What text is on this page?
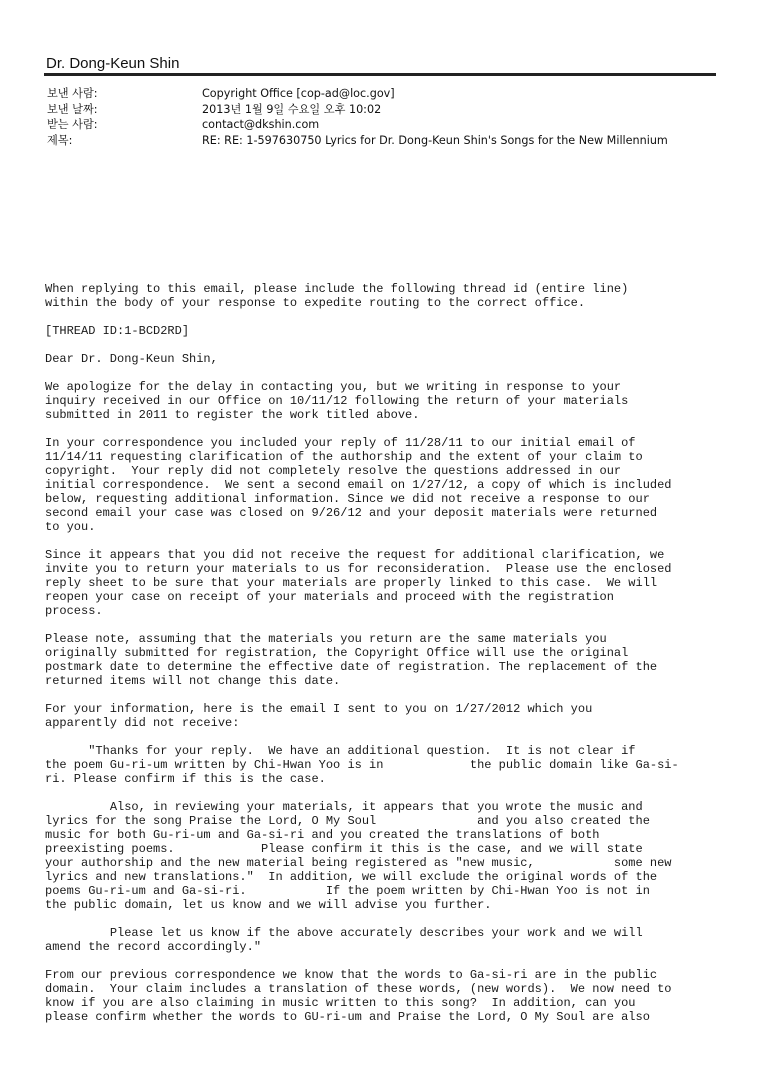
Dr. Dong-Keun Shin
보낸 사람:	Copyright Office [cop-ad@loc.gov]
보낸 날짜:	2013년 1월 9일 수요일 오후 10:02
받는 사람:	contact@dkshin.com
제목:	RE: RE: 1-597630750 Lyrics for Dr. Dong-Keun Shin's Songs for the New Millennium

When replying to this email, please include the following thread id (entire line)
within the body of your response to expedite routing to the correct office.

[THREAD ID:1-BCD2RD]

Dear Dr. Dong-Keun Shin,

We apologize for the delay in contacting you, but we writing in response to your
inquiry received in our Office on 10/11/12 following the return of your materials
submitted in 2011 to register the work titled above.

In your correspondence you included your reply of 11/28/11 to our initial email of
11/14/11 requesting clarification of the authorship and the extent of your claim to
copyright.  Your reply did not completely resolve the questions addressed in our
initial correspondence.  We sent a second email on 1/27/12, a copy of which is included
below, requesting additional information. Since we did not receive a response to our
second email your case was closed on 9/26/12 and your deposit materials were returned
to you.

Since it appears that you did not receive the request for additional clarification, we
invite you to return your materials to us for reconsideration.  Please use the enclosed
reply sheet to be sure that your materials are properly linked to this case.  We will
reopen your case on receipt of your materials and proceed with the registration
process.

Please note, assuming that the materials you return are the same materials you
originally submitted for registration, the Copyright Office will use the original
postmark date to determine the effective date of registration. The replacement of the
returned items will not change this date.

For your information, here is the email I sent to you on 1/27/2012 which you
apparently did not receive:

"Thanks for your reply.  We have an additional question.  It is not clear if
the poem Gu-ri-um written by Chi-Hwan Yoo is in            the public domain like Ga-si-
ri. Please confirm if this is the case.

Also, in reviewing your materials, it appears that you wrote the music and
lyrics for the song Praise the Lord, O My Soul              and you also created the
music for both Gu-ri-um and Ga-si-ri and you created the translations of both
preexisting poems.            Please confirm it this is the case, and we will state
your authorship and the new material being registered as "new music,           some new
lyrics and new translations."  In addition, we will exclude the original words of the
poems Gu-ri-um and Ga-si-ri.           If the poem written by Chi-Hwan Yoo is not in
the public domain, let us know and we will advise you further.

Please let us know if the above accurately describes your work and we will
amend the record accordingly."

From our previous correspondence we know that the words to Ga-si-ri are in the public
domain.  Your claim includes a translation of these words, (new words).  We now need to
know if you are also claiming in music written to this song?  In addition, can you
please confirm whether the words to GU-ri-um and Praise the Lord, O My Soul are also
